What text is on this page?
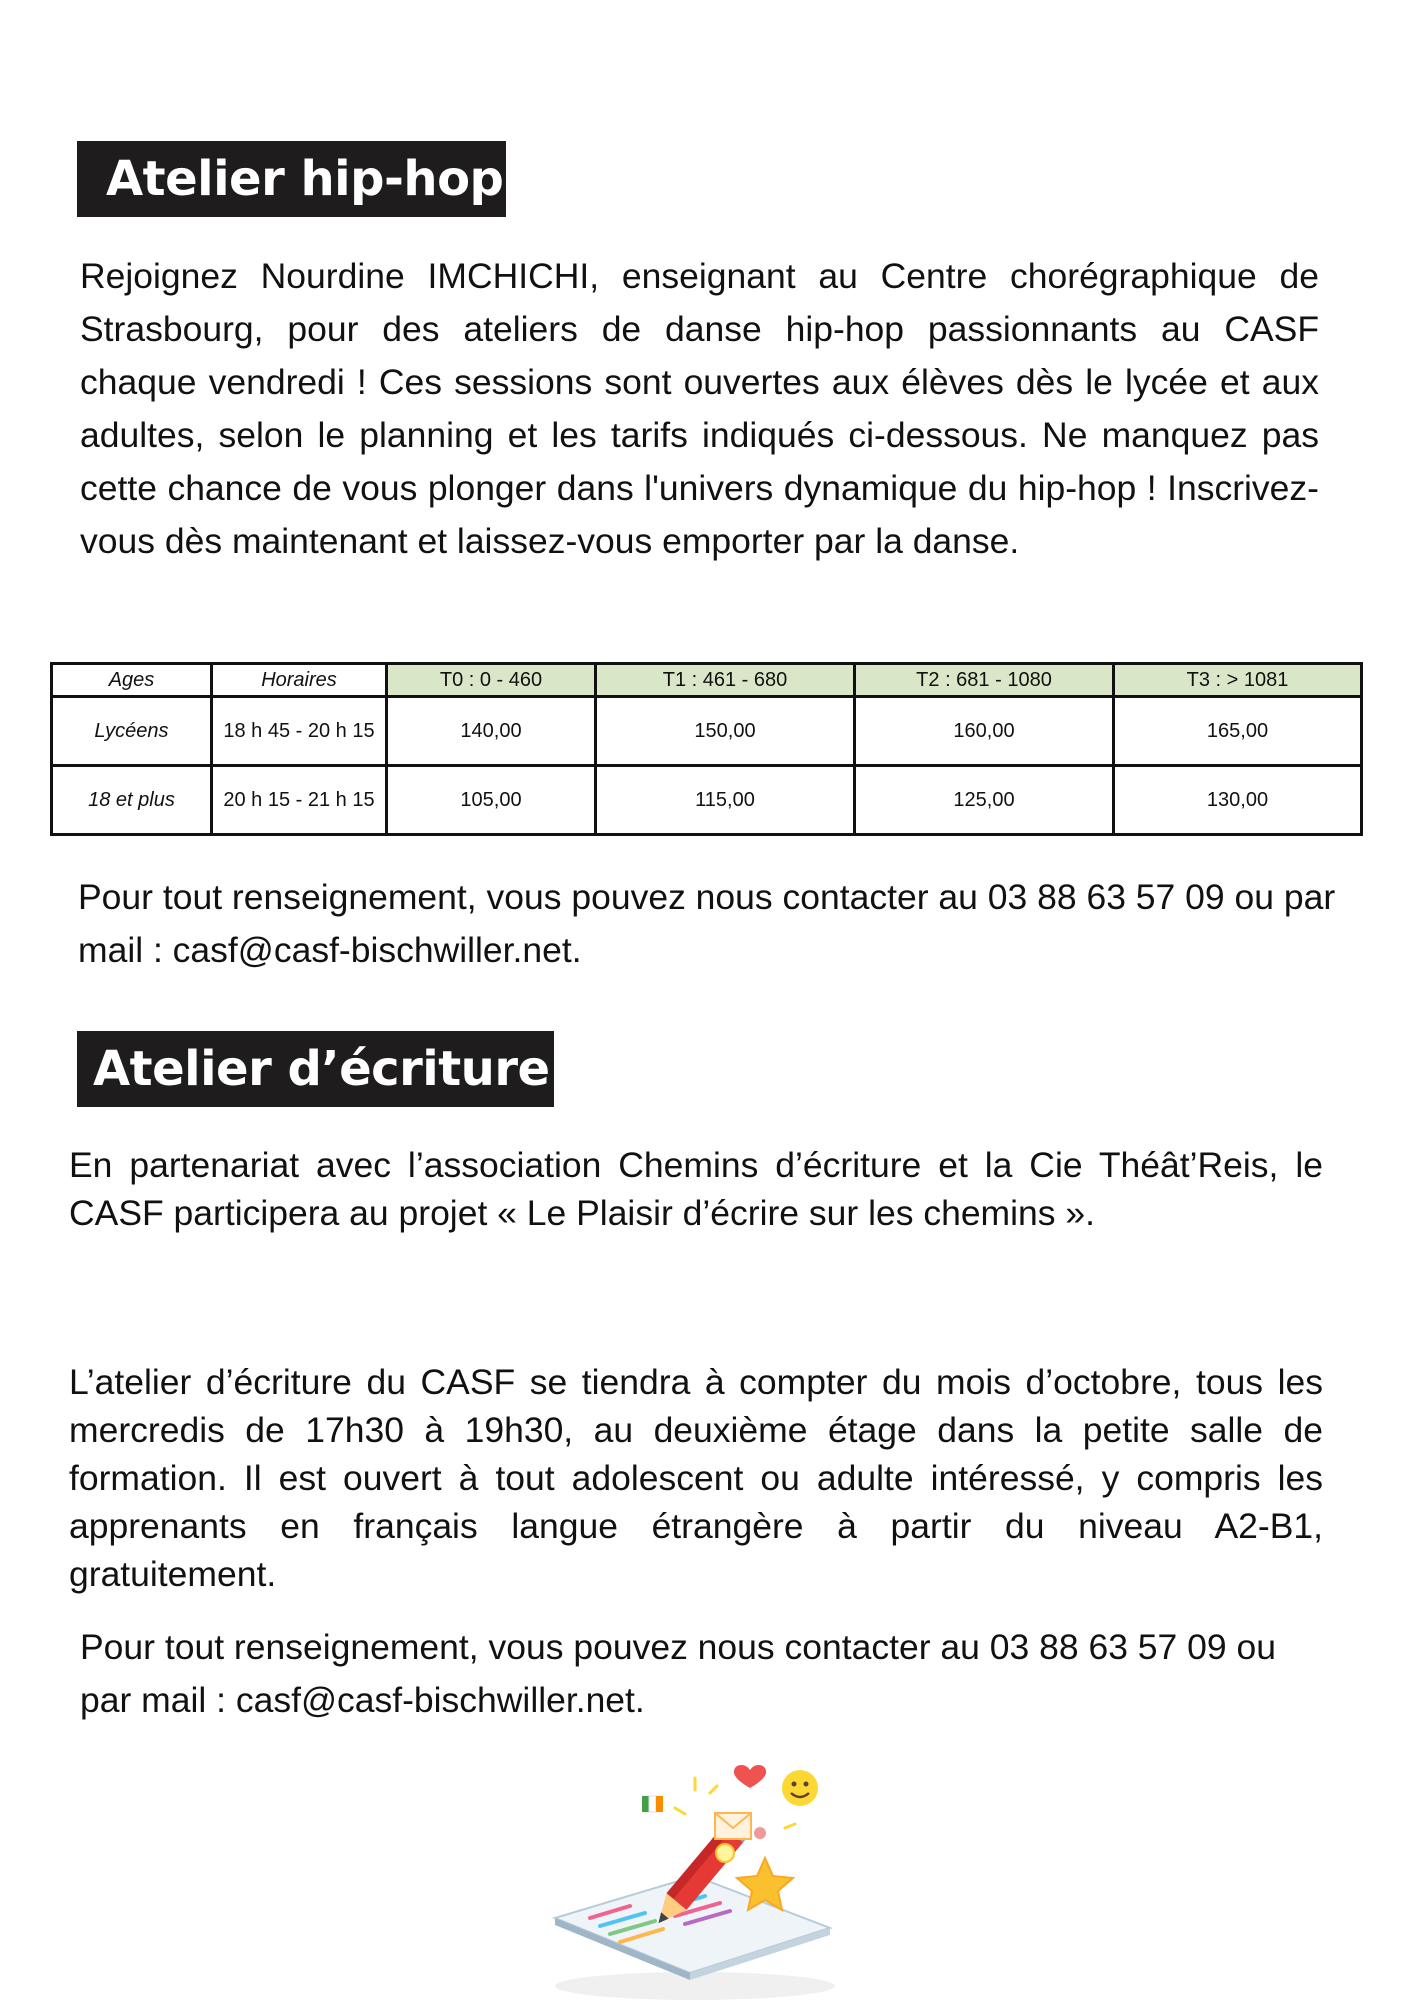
Atelier hip-hop
Rejoignez Nourdine IMCHICHI, enseignant au Centre chorégraphique de Strasbourg, pour des ateliers de danse hip-hop passionnants au CASF chaque vendredi ! Ces sessions sont ouvertes aux élèves dès le lycée et aux adultes, selon le planning et les tarifs indiqués ci-dessous. Ne manquez pas cette chance de vous plonger dans l'univers dynamique du hip-hop ! Inscrivez-vous dès maintenant et laissez-vous emporter par la danse.
Ages	Horaires	T0 : 0 - 460	T1 : 461 - 680	T2 : 681 - 1080	T3 : > 1081
Lycéens	18 h 45 - 20 h 15	140,00	150,00	160,00	165,00
18 et plus	20 h 15 - 21 h 15	105,00	115,00	125,00	130,00
Pour tout renseignement, vous pouvez nous contacter au 03 88 63 57 09 ou par mail : casf@casf-bischwiller.net.
Atelier d’écriture
En partenariat avec l’association Chemins d’écriture et la Cie Théât’Reis, le CASF participera au projet « Le Plaisir d’écrire sur les chemins ».
L’atelier d’écriture du CASF se tiendra à compter du mois d’octobre, tous les mercredis de 17h30 à 19h30, au deuxième étage dans la petite salle de formation. Il est ouvert à tout adolescent ou adulte intéressé, y compris les apprenants en français langue étrangère à partir du niveau A2-B1, gratuitement.
Pour tout renseignement, vous pouvez nous contacter au 03 88 63 57 09 ou par mail : casf@casf-bischwiller.net.
